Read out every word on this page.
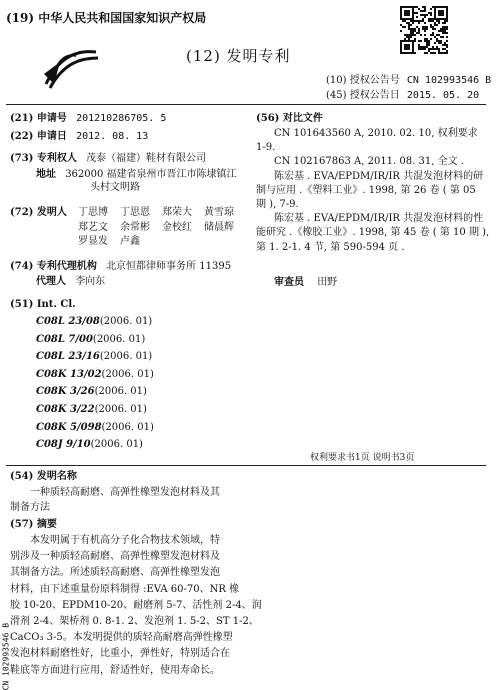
(19) 中华人民共和国国家知识产权局
(12) 发明专利
(10) 授权公告号 CN 102993546 B
(45) 授权公告日 2015. 05. 20
(21) 申请号 201210286705. 5
(22) 申请日 2012. 08. 13
(73) 专利权人 茂泰（福建）鞋材有限公司
地址 362000 福建省泉州市晋江市陈埭镇江
头村文明路
(72) 发明人 丁思博	丁思恩	郑荣大	黄雪琼
郑艺文	余常彬	金校红	储晨辉
罗显发	卢鑫
(74) 专利代理机构 北京恒都律师事务所 11395
代理人 李向东
(51) Int. Cl.
C08L 23/08(2006. 01)
C08L 7/00(2006. 01)
C08L 23/16(2006. 01)
C08K 13/02(2006. 01)
C08K 3/26(2006. 01)
C08K 3/22(2006. 01)
C08K 5/098(2006. 01)
C08J 9/10(2006. 01)
(56) 对比文件
CN 101643560 A, 2010. 02. 10, 权利要求
1-9.
CN 102167863 A, 2011. 08. 31, 全文 .
陈宏基 . EVA/EPDM/IR/IR 共混发泡材料的研
制与应用 .《塑料工业》. 1998, 第 26 卷 ( 第 05
期 ), 7-9.
陈宏基 . EVA/EPDM/IR/IR 共混发泡材料的性
能研究 .《橡胶工业》. 1998, 第 45 卷 ( 第 10 期 ),
第 1. 2-1. 4 节, 第 590-594 页 .
审查员 田野
权利要求书1页 说明书3页
(54) 发明名称
一种质轻高耐磨、高弹性橡塑发泡材料及其
制备方法
(57) 摘要
本发明属于有机高分子化合物技术领域，特
别涉及一种质轻高耐磨、高弹性橡塑发泡材料及
其制备方法。所述质轻高耐磨、高弹性橡塑发泡
材料，由下述重量份原料制得 :EVA 60-70、NR 橡
胶 10-20、EPDM10-20、耐磨剂 5-7、活性剂 2-4、润
滑剂 2-4、架桥剂 0. 8-1. 2、发泡剂 1. 5-2、ST 1-2、
CaCO₃ 3-5。本发明提供的质轻高耐磨高弹性橡塑
发泡材料耐磨性好，比重小，弹性好，特别适合在
鞋底等方面进行应用，舒适性好，使用寿命长。
CN 102993546 B
